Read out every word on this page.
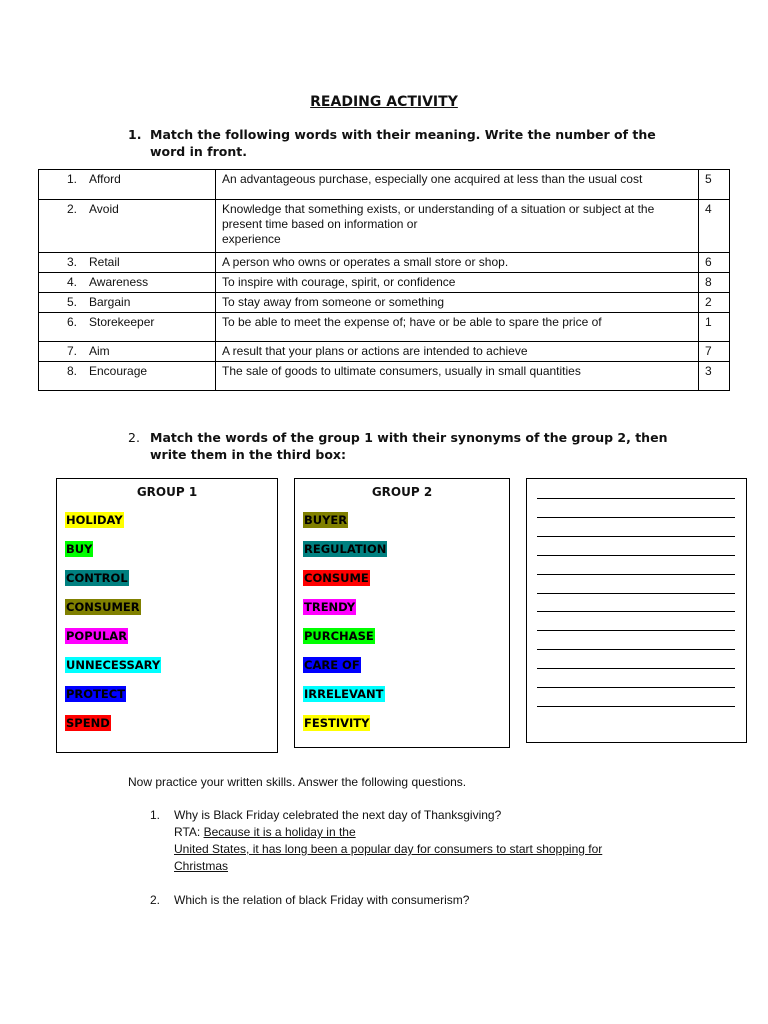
READING ACTIVITY
1. Match the following words with their meaning. Write the number of the word in front.
1. Afford	An advantageous purchase, especially one acquired at less than the usual cost	5
2. Avoid	Knowledge that something exists, or understanding of a situation or subject at the present time based on information or
experience	4
3. Retail	A person who owns or operates a small store or shop.	6
4. Awareness	To inspire with courage, spirit, or confidence	8
5. Bargain	To stay away from someone or something	2
6. Storekeeper	To be able to meet the expense of; have or be able to spare the price of	1
7. Aim	A result that your plans or actions are intended to achieve	7
8. Encourage	The sale of goods to ultimate consumers, usually in small quantities	3
2. Match the words of the group 1 with their synonyms of the group 2, then write them in the third box:
GROUP 1
HOLIDAY
BUY
CONTROL
CONSUMER
POPULAR
UNNECESSARY
PROTECT
SPEND
GROUP 2
BUYER
REGULATION
CONSUME
TRENDY
PURCHASE
CARE OF
IRRELEVANT
FESTIVITY
Now practice your written skills. Answer the following questions.
1. Why is Black Friday celebrated the next day of Thanksgiving?
RTA: Because it is a holiday in the
United States, it has long been a popular day for consumers to start shopping for
Christmas
2.	Which is the relation of black Friday with consumerism?
